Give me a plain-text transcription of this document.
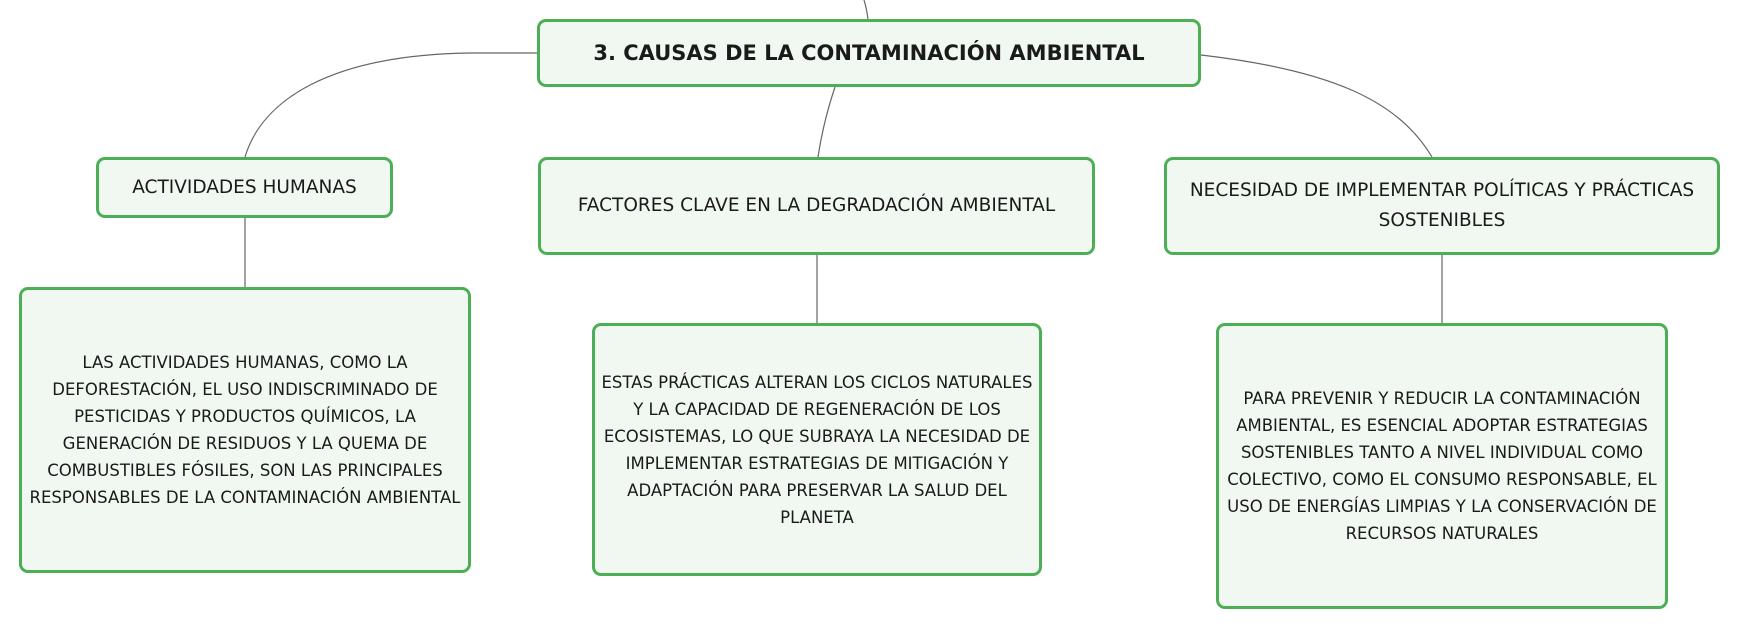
3. CAUSAS DE LA CONTAMINACIÓN AMBIENTAL
ACTIVIDADES HUMANAS
FACTORES CLAVE EN LA DEGRADACIÓN AMBIENTAL
NECESIDAD DE IMPLEMENTAR POLÍTICAS Y PRÁCTICAS SOSTENIBLES
LAS ACTIVIDADES HUMANAS, COMO LA DEFORESTACIÓN, EL USO INDISCRIMINADO DE PESTICIDAS Y PRODUCTOS QUÍMICOS, LA GENERACIÓN DE RESIDUOS Y LA QUEMA DE COMBUSTIBLES FÓSILES, SON LAS PRINCIPALES RESPONSABLES DE LA CONTAMINACIÓN AMBIENTAL
ESTAS PRÁCTICAS ALTERAN LOS CICLOS NATURALES Y LA CAPACIDAD DE REGENERACIÓN DE LOS ECOSISTEMAS, LO QUE SUBRAYA LA NECESIDAD DE IMPLEMENTAR ESTRATEGIAS DE MITIGACIÓN Y ADAPTACIÓN PARA PRESERVAR LA SALUD DEL PLANETA
PARA PREVENIR Y REDUCIR LA CONTAMINACIÓN AMBIENTAL, ES ESENCIAL ADOPTAR ESTRATEGIAS SOSTENIBLES TANTO A NIVEL INDIVIDUAL COMO COLECTIVO, COMO EL CONSUMO RESPONSABLE, EL USO DE ENERGÍAS LIMPIAS Y LA CONSERVACIÓN DE RECURSOS NATURALES
